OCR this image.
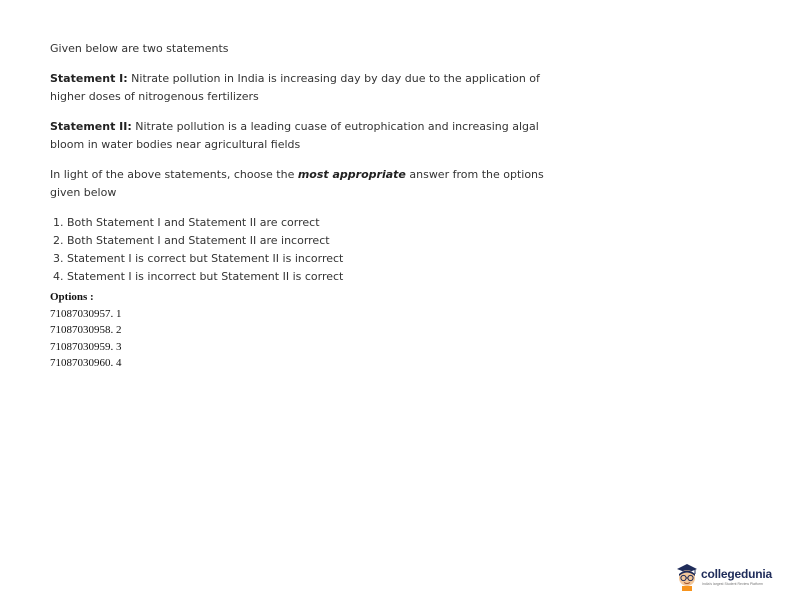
Given below are two statements

Statement I: Nitrate pollution in India is increasing day by day due to the application of higher doses of nitrogenous fertilizers

Statement II: Nitrate pollution is a leading cuase of eutrophication and increasing algal bloom in water bodies near agricultural fields

In light of the above statements, choose the most appropriate answer from the options given below

1. Both Statement I and Statement II are correct
2. Both Statement I and Statement II are incorrect
3. Statement I is correct but Statement II is incorrect
4. Statement I is incorrect but Statement II is correct
Options :
71087030957. 1
71087030958. 2
71087030959. 3
71087030960. 4
collegedunia
India's largest Student Review Platform
